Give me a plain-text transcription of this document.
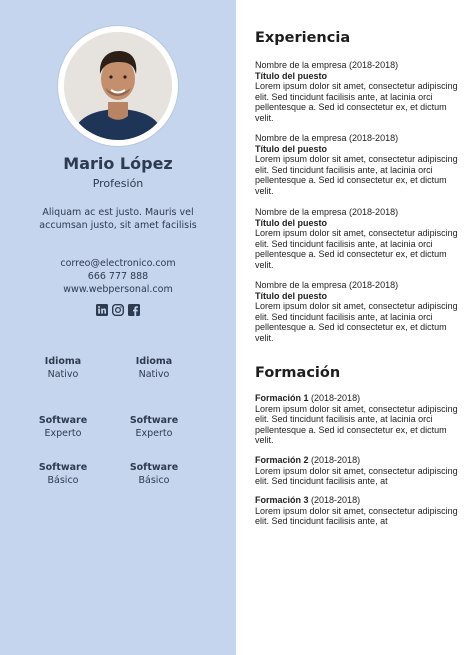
Mario López
Profesión
Aliquam ac est justo. Mauris vel accumsan justo, sit amet facilisis
correo@electronico.com
666 777 888
www.webpersonal.com
Idioma
Nativo
Idioma
Nativo
Software
Experto
Software
Experto
Software
Básico
Software
Básico
Experiencia
Nombre de la empresa (2018-2018)
Título del puesto
Lorem ipsum dolor sit amet, consectetur adipiscing elit. Sed tincidunt facilisis ante, at lacinia orci pellentesque a. Sed id consectetur ex, et dictum velit.
Nombre de la empresa (2018-2018)
Título del puesto
Lorem ipsum dolor sit amet, consectetur adipiscing elit. Sed tincidunt facilisis ante, at lacinia orci pellentesque a. Sed id consectetur ex, et dictum velit.
Nombre de la empresa (2018-2018)
Título del puesto
Lorem ipsum dolor sit amet, consectetur adipiscing elit. Sed tincidunt facilisis ante, at lacinia orci pellentesque a. Sed id consectetur ex, et dictum velit.
Nombre de la empresa (2018-2018)
Título del puesto
Lorem ipsum dolor sit amet, consectetur adipiscing elit. Sed tincidunt facilisis ante, at lacinia orci pellentesque a. Sed id consectetur ex, et dictum velit.
Formación
Formación 1 (2018-2018)
Lorem ipsum dolor sit amet, consectetur adipiscing elit. Sed tincidunt facilisis ante, at lacinia orci pellentesque a. Sed id consectetur ex, et dictum velit.
Formación 2 (2018-2018)
Lorem ipsum dolor sit amet, consectetur adipiscing elit. Sed tincidunt facilisis ante, at
Formación 3 (2018-2018)
Lorem ipsum dolor sit amet, consectetur adipiscing elit. Sed tincidunt facilisis ante, at
